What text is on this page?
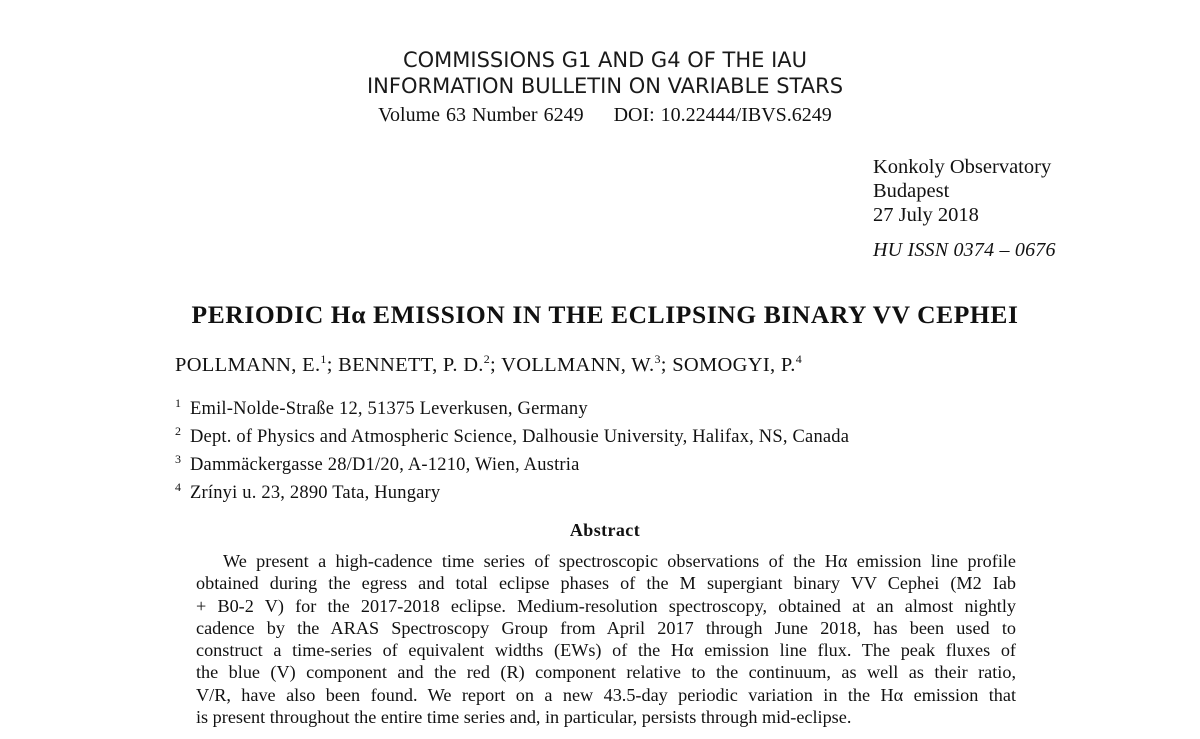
COMMISSIONS G1 AND G4 OF THE IAU
INFORMATION BULLETIN ON VARIABLE STARS
Volume 63 Number 6249 DOI: 10.22444/IBVS.6249
Konkoly Observatory
Budapest
27 July 2018
HU ISSN 0374 – 0676
PERIODIC Hα EMISSION IN THE ECLIPSING BINARY VV CEPHEI
POLLMANN, E.$^1$; BENNETT, P. D.$^2$; VOLLMANN, W.$^3$; SOMOGYI, P.$^4$
1 Emil-Nolde-Straße 12, 51375 Leverkusen, Germany
2 Dept. of Physics and Atmospheric Science, Dalhousie University, Halifax, NS, Canada
3 Dammäckergasse 28/D1/20, A-1210, Wien, Austria
4 Zrínyi u. 23, 2890 Tata, Hungary
Abstract
We present a high-cadence time series of spectroscopic observations of the Hα emission line profile
obtained during the egress and total eclipse phases of the M supergiant binary VV Cephei (M2 Iab
+ B0-2 V) for the 2017-2018 eclipse. Medium-resolution spectroscopy, obtained at an almost nightly
cadence by the ARAS Spectroscopy Group from April 2017 through June 2018, has been used to
construct a time-series of equivalent widths (EWs) of the Hα emission line flux. The peak fluxes of
the blue (V) component and the red (R) component relative to the continuum, as well as their ratio,
V/R, have also been found. We report on a new 43.5-day periodic variation in the Hα emission that
is present throughout the entire time series and, in particular, persists through mid-eclipse.
